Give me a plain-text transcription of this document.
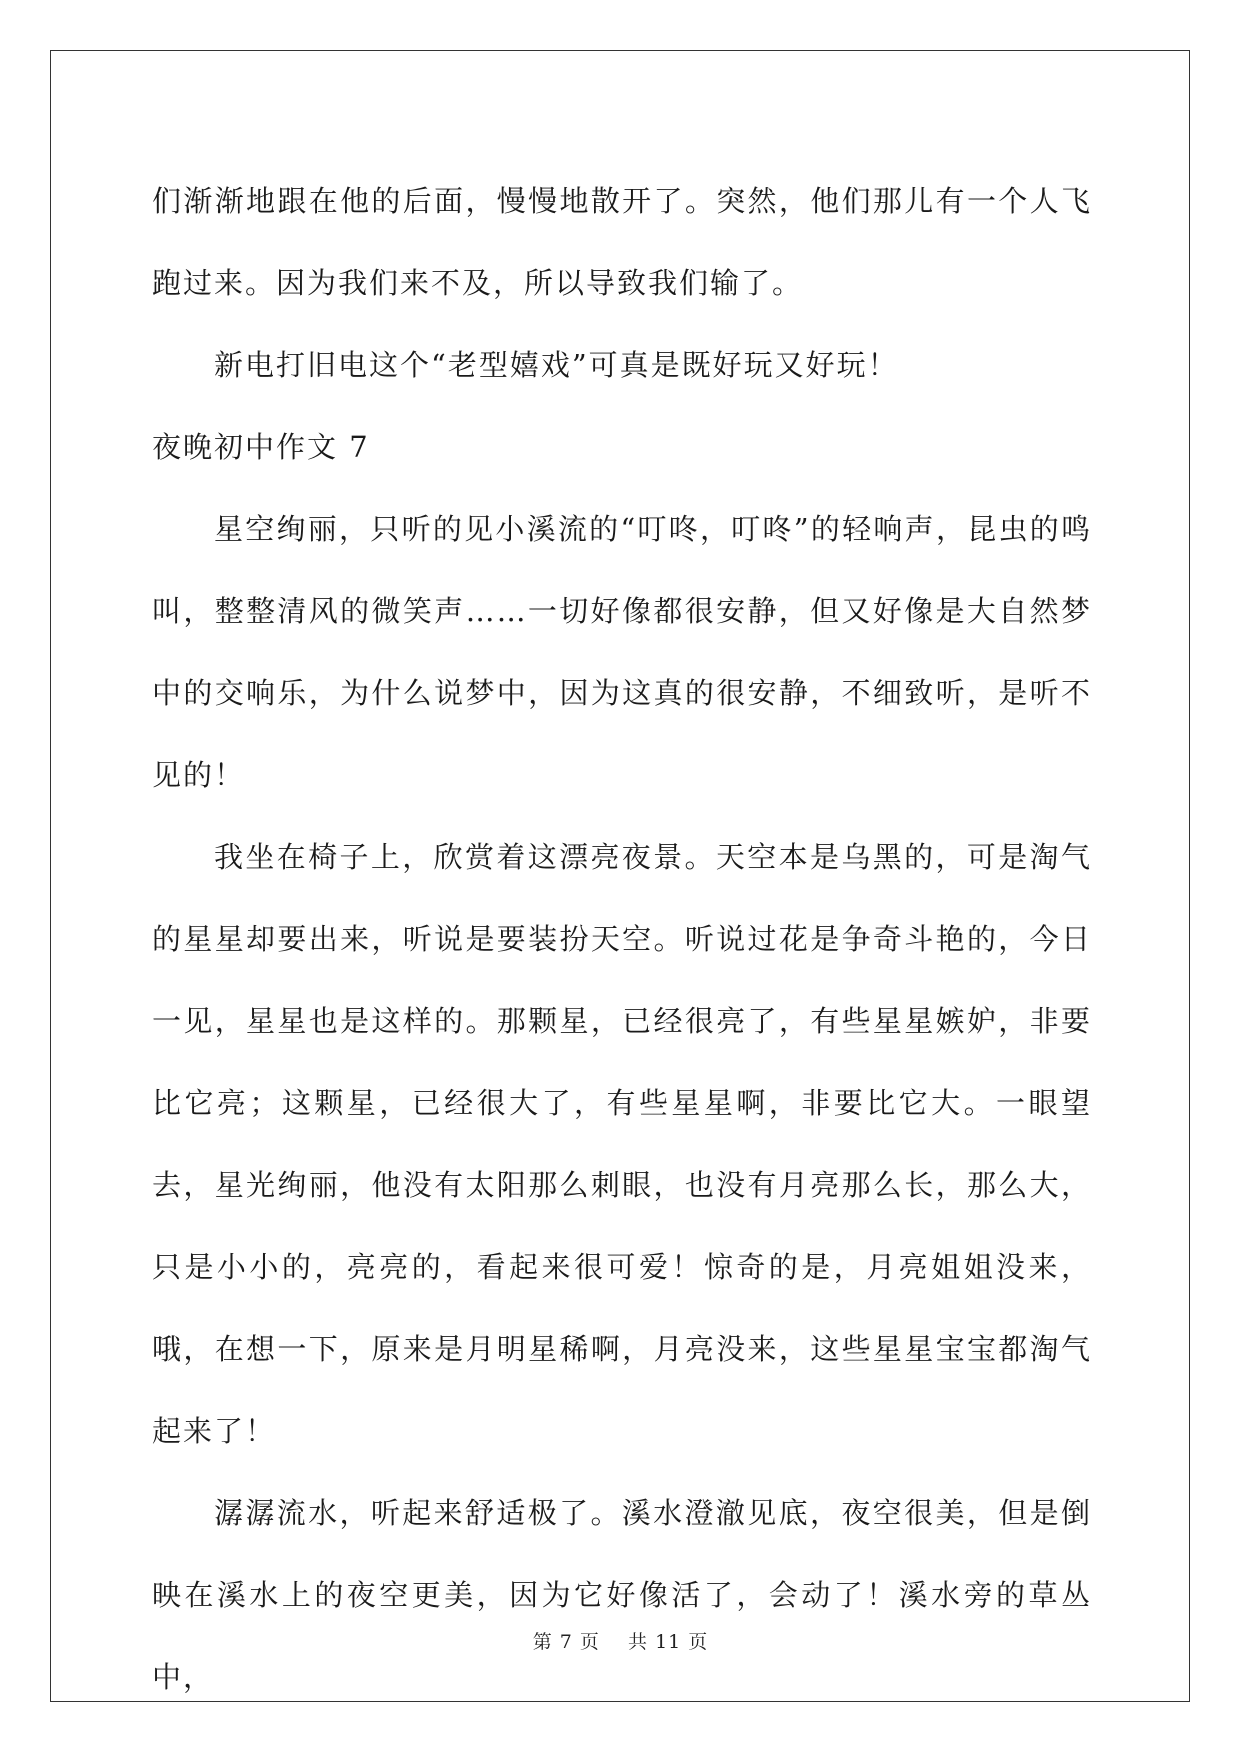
们渐渐地跟在他的后面，慢慢地散开了。突然，他们那儿有一个人飞跑过来。因为我们来不及，所以导致我们输了。

新电打旧电这个“老型嬉戏”可真是既好玩又好玩！

夜晚初中作文 7

星空绚丽，只听的见小溪流的“叮咚，叮咚”的轻响声，昆虫的鸣叫，整整清风的微笑声……一切好像都很安静，但又好像是大自然梦中的交响乐，为什么说梦中，因为这真的很安静，不细致听，是听不见的！

我坐在椅子上，欣赏着这漂亮夜景。天空本是乌黑的，可是淘气的星星却要出来，听说是要装扮天空。听说过花是争奇斗艳的，今日一见，星星也是这样的。那颗星，已经很亮了，有些星星嫉妒，非要比它亮；这颗星，已经很大了，有些星星啊，非要比它大。一眼望去，星光绚丽，他没有太阳那么刺眼，也没有月亮那么长，那么大，只是小小的，亮亮的，看起来很可爱！惊奇的是，月亮姐姐没来，哦，在想一下，原来是月明星稀啊，月亮没来，这些星星宝宝都淘气起来了！

潺潺流水，听起来舒适极了。溪水澄澈见底，夜空很美，但是倒映在溪水上的夜空更美，因为它好像活了，会动了！溪水旁的草丛中，

第 7 页 共 11 页
